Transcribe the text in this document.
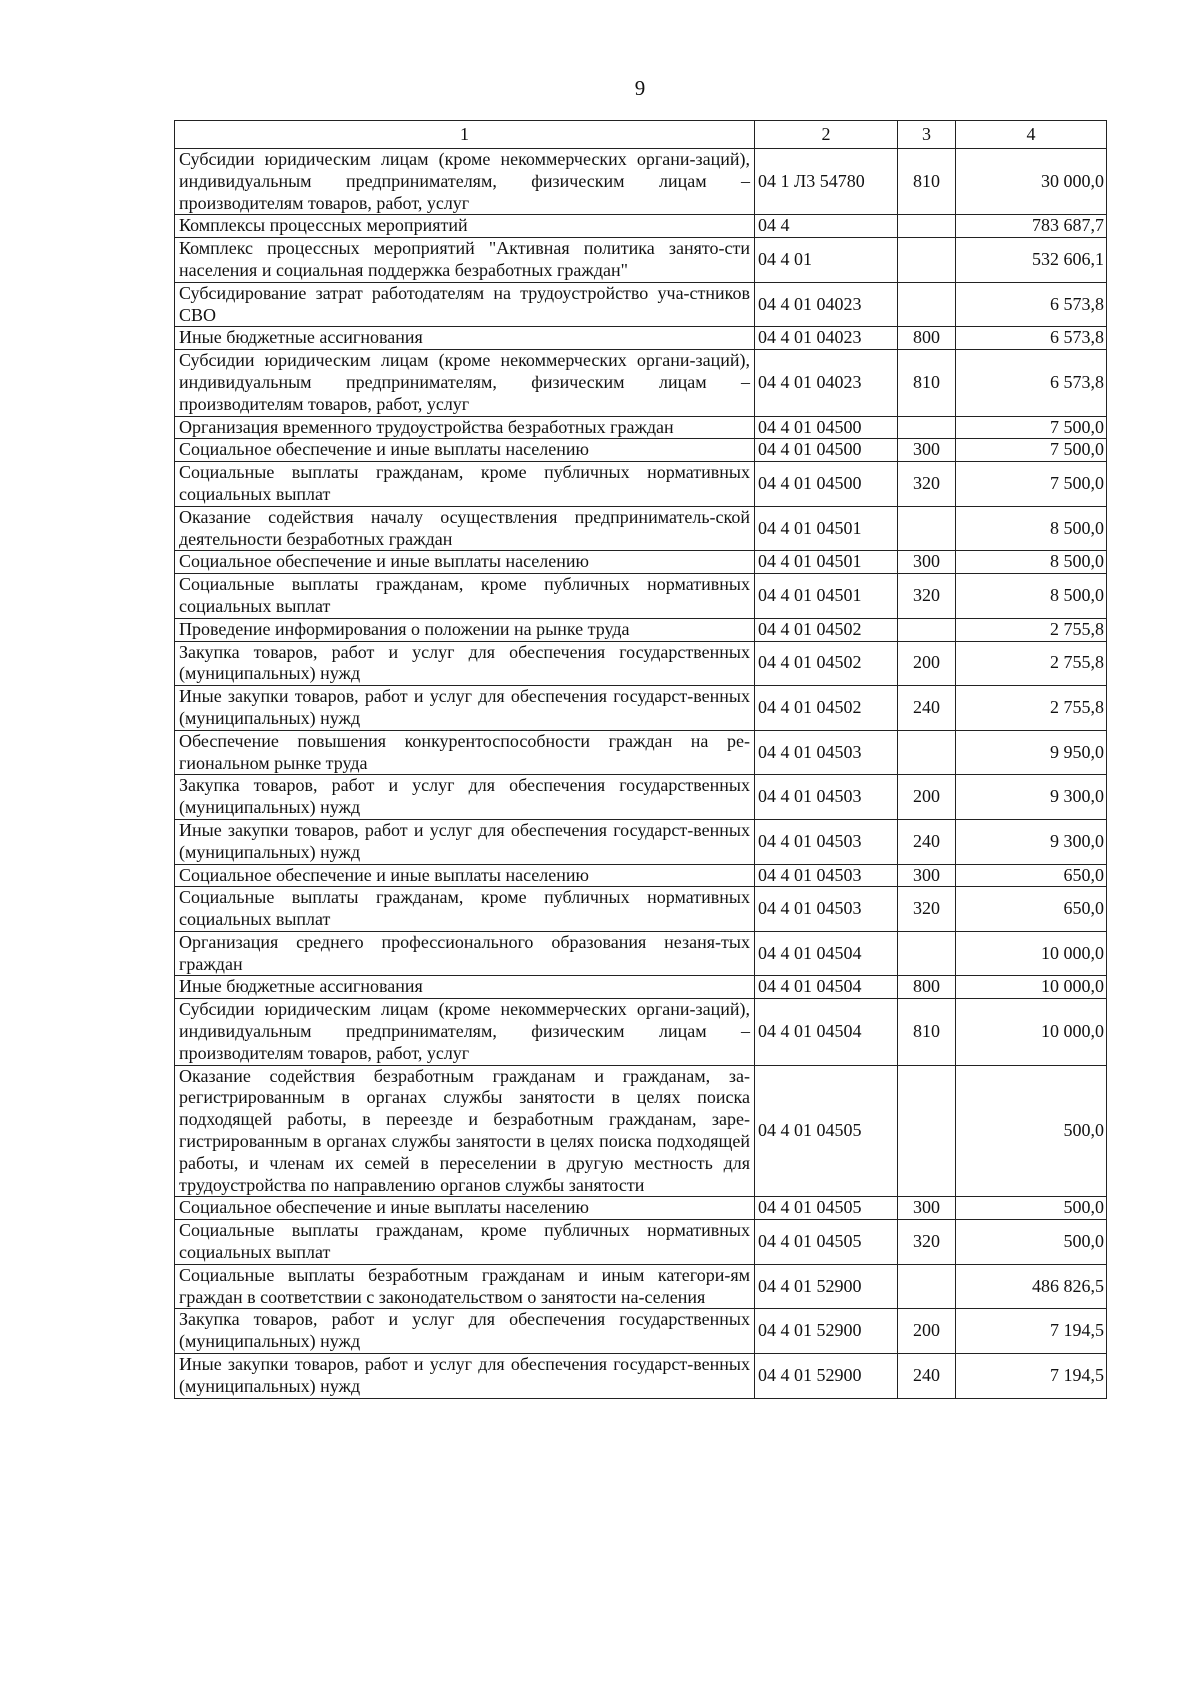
9
1	2	3	4
Субсидии юридическим лицам (кроме некоммерческих органи-заций), индивидуальным предпринимателям, физическим лицам – производителям товаров, работ, услуг	04 1 Л3 54780	810	30 000,0
Комплексы процессных мероприятий	04 4		783 687,7
Комплекс процессных мероприятий "Активная политика занято-сти населения и социальная поддержка безработных граждан"	04 4 01		532 606,1
Субсидирование затрат работодателям на трудоустройство уча-стников СВО	04 4 01 04023		6 573,8
Иные бюджетные ассигнования	04 4 01 04023	800	6 573,8
Субсидии юридическим лицам (кроме некоммерческих органи-заций), индивидуальным предпринимателям, физическим лицам – производителям товаров, работ, услуг	04 4 01 04023	810	6 573,8
Организация временного трудоустройства безработных граждан	04 4 01 04500		7 500,0
Социальное обеспечение и иные выплаты населению	04 4 01 04500	300	7 500,0
Социальные выплаты гражданам, кроме публичных нормативных социальных выплат	04 4 01 04500	320	7 500,0
Оказание содействия началу осуществления предприниматель-ской деятельности безработных граждан	04 4 01 04501		8 500,0
Социальное обеспечение и иные выплаты населению	04 4 01 04501	300	8 500,0
Социальные выплаты гражданам, кроме публичных нормативных социальных выплат	04 4 01 04501	320	8 500,0
Проведение информирования о положении на рынке труда	04 4 01 04502		2 755,8
Закупка товаров, работ и услуг для обеспечения государственных (муниципальных) нужд	04 4 01 04502	200	2 755,8
Иные закупки товаров, работ и услуг для обеспечения государст-венных (муниципальных) нужд	04 4 01 04502	240	2 755,8
Обеспечение повышения конкурентоспособности граждан на ре-гиональном рынке труда	04 4 01 04503		9 950,0
Закупка товаров, работ и услуг для обеспечения государственных (муниципальных) нужд	04 4 01 04503	200	9 300,0
Иные закупки товаров, работ и услуг для обеспечения государст-венных (муниципальных) нужд	04 4 01 04503	240	9 300,0
Социальное обеспечение и иные выплаты населению	04 4 01 04503	300	650,0
Социальные выплаты гражданам, кроме публичных нормативных социальных выплат	04 4 01 04503	320	650,0
Организация среднего профессионального образования незаня-тых граждан	04 4 01 04504		10 000,0
Иные бюджетные ассигнования	04 4 01 04504	800	10 000,0
Субсидии юридическим лицам (кроме некоммерческих органи-заций), индивидуальным предпринимателям, физическим лицам – производителям товаров, работ, услуг	04 4 01 04504	810	10 000,0
Оказание содействия безработным гражданам и гражданам, за-регистрированным в органах службы занятости в целях поиска подходящей работы, в переезде и безработным гражданам, заре-гистрированным в органах службы занятости в целях поиска подходящей работы, и членам их семей в переселении в другую местность для трудоустройства по направлению органов службы занятости	04 4 01 04505		500,0
Социальное обеспечение и иные выплаты населению	04 4 01 04505	300	500,0
Социальные выплаты гражданам, кроме публичных нормативных социальных выплат	04 4 01 04505	320	500,0
Социальные выплаты безработным гражданам и иным категори-ям граждан в соответствии с законодательством о занятости на-селения	04 4 01 52900		486 826,5
Закупка товаров, работ и услуг для обеспечения государственных (муниципальных) нужд	04 4 01 52900	200	7 194,5
Иные закупки товаров, работ и услуг для обеспечения государст-венных (муниципальных) нужд	04 4 01 52900	240	7 194,5
